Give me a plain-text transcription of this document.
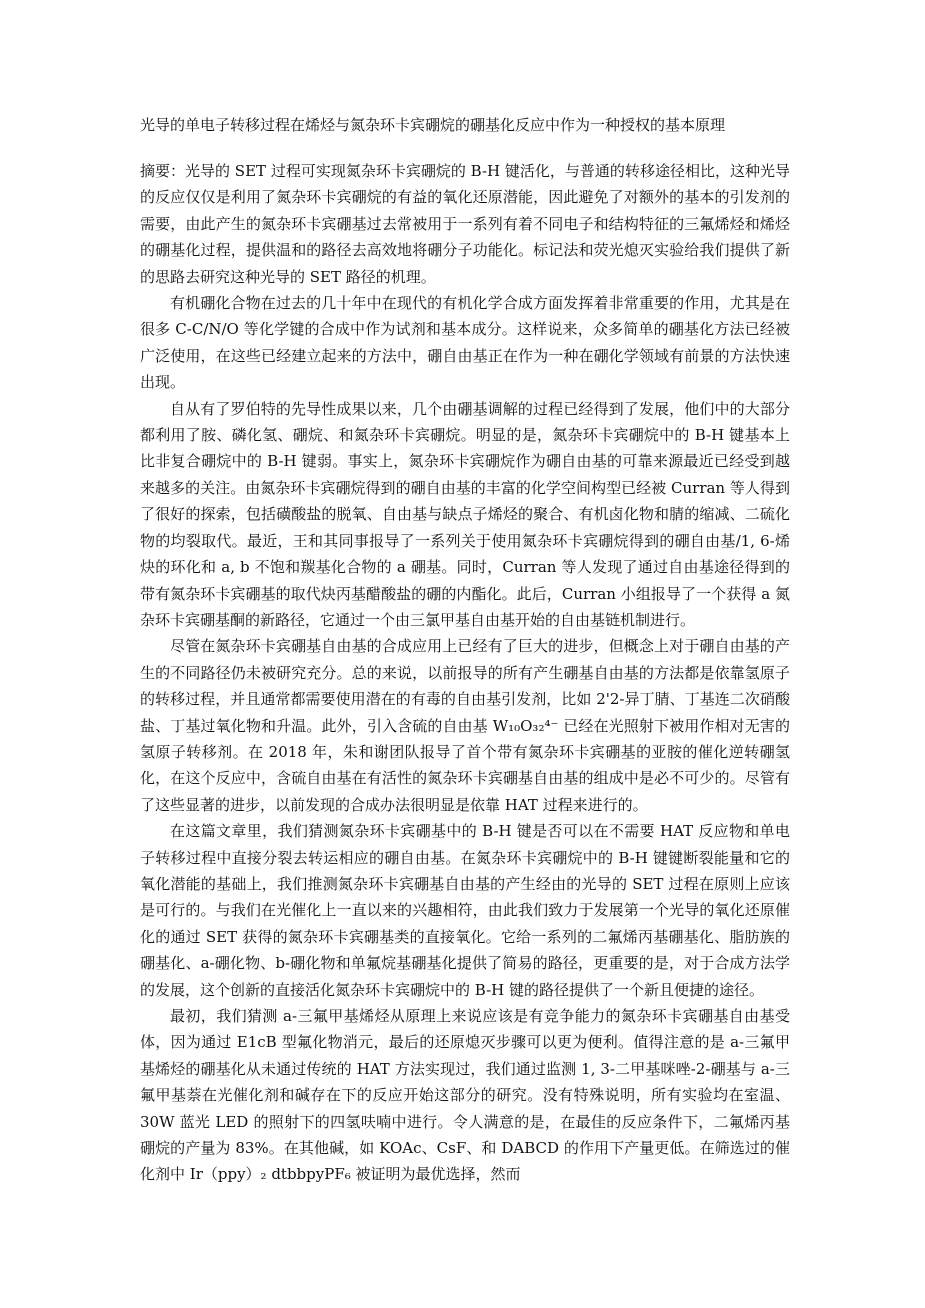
光导的单电子转移过程在烯烃与氮杂环卡宾硼烷的硼基化反应中作为一种授权的基本原理

摘要：光导的 SET 过程可实现氮杂环卡宾硼烷的 B-H 键活化，与普通的转移途径相比，这种光导的反应仅仅是利用了氮杂环卡宾硼烷的有益的氧化还原潜能，因此避免了对额外的基本的引发剂的需要，由此产生的氮杂环卡宾硼基过去常被用于一系列有着不同电子和结构特征的三氟烯烃和烯烃的硼基化过程，提供温和的路径去高效地将硼分子功能化。标记法和荧光熄灭实验给我们提供了新的思路去研究这种光导的 SET 路径的机理。

有机硼化合物在过去的几十年中在现代的有机化学合成方面发挥着非常重要的作用，尤其是在很多 C-C/N/O 等化学键的合成中作为试剂和基本成分。这样说来，众多简单的硼基化方法已经被广泛使用，在这些已经建立起来的方法中，硼自由基正在作为一种在硼化学领域有前景的方法快速出现。

自从有了罗伯特的先导性成果以来，几个由硼基调解的过程已经得到了发展，他们中的大部分都利用了胺、磷化氢、硼烷、和氮杂环卡宾硼烷。明显的是，氮杂环卡宾硼烷中的 B-H 键基本上比非复合硼烷中的 B-H 键弱。事实上，氮杂环卡宾硼烷作为硼自由基的可靠来源最近已经受到越来越多的关注。由氮杂环卡宾硼烷得到的硼自由基的丰富的化学空间构型已经被 Curran 等人得到了很好的探索，包括磺酸盐的脱氧、自由基与缺点子烯烃的聚合、有机卤化物和腈的缩减、二硫化物的均裂取代。最近，王和其同事报导了一系列关于使用氮杂环卡宾硼烷得到的硼自由基/1, 6-烯炔的环化和 a, b 不饱和羰基化合物的 a 硼基。同时，Curran 等人发现了通过自由基途径得到的带有氮杂环卡宾硼基的取代炔丙基醋酸盐的硼的内酯化。此后，Curran 小组报导了一个获得 a 氮杂环卡宾硼基酮的新路径，它通过一个由三氯甲基自由基开始的自由基链机制进行。

尽管在氮杂环卡宾硼基自由基的合成应用上已经有了巨大的进步，但概念上对于硼自由基的产生的不同路径仍未被研究充分。总的来说，以前报导的所有产生硼基自由基的方法都是依靠氢原子的转移过程，并且通常都需要使用潜在的有毒的自由基引发剂，比如 2'2-异丁腈、丁基连二次硝酸盐、丁基过氧化物和升温。此外，引入含硫的自由基 W₁₀O₃₂⁴⁻ 已经在光照射下被用作相对无害的氢原子转移剂。在 2018 年，朱和谢团队报导了首个带有氮杂环卡宾硼基的亚胺的催化逆转硼氢化，在这个反应中，含硫自由基在有活性的氮杂环卡宾硼基自由基的组成中是必不可少的。尽管有了这些显著的进步，以前发现的合成办法很明显是依靠 HAT 过程来进行的。

在这篇文章里，我们猜测氮杂环卡宾硼基中的 B-H 键是否可以在不需要 HAT 反应物和单电子转移过程中直接分裂去转运相应的硼自由基。在氮杂环卡宾硼烷中的 B-H 键键断裂能量和它的氧化潜能的基础上，我们推测氮杂环卡宾硼基自由基的产生经由的光导的 SET 过程在原则上应该是可行的。与我们在光催化上一直以来的兴趣相符，由此我们致力于发展第一个光导的氧化还原催化的通过 SET 获得的氮杂环卡宾硼基类的直接氧化。它给一系列的二氟烯丙基硼基化、脂肪族的硼基化、a-硼化物、b-硼化物和单氟烷基硼基化提供了简易的路径，更重要的是，对于合成方法学的发展，这个创新的直接活化氮杂环卡宾硼烷中的 B-H 键的路径提供了一个新且便捷的途径。

最初，我们猜测 a-三氟甲基烯烃从原理上来说应该是有竞争能力的氮杂环卡宾硼基自由基受体，因为通过 E1cB 型氟化物消元，最后的还原熄灭步骤可以更为便利。值得注意的是 a-三氟甲基烯烃的硼基化从未通过传统的 HAT 方法实现过，我们通过监测 1, 3-二甲基咪唑-2-硼基与 a-三氟甲基萘在光催化剂和碱存在下的反应开始这部分的研究。没有特殊说明，所有实验均在室温、30W 蓝光 LED 的照射下的四氢呋喃中进行。令人满意的是，在最佳的反应条件下，二氟烯丙基硼烷的产量为 83%。在其他碱，如 KOAc、CsF、和 DABCD 的作用下产量更低。在筛选过的催化剂中 Ir（ppy）₂ dtbbpyPF₆ 被证明为最优选择，然而
